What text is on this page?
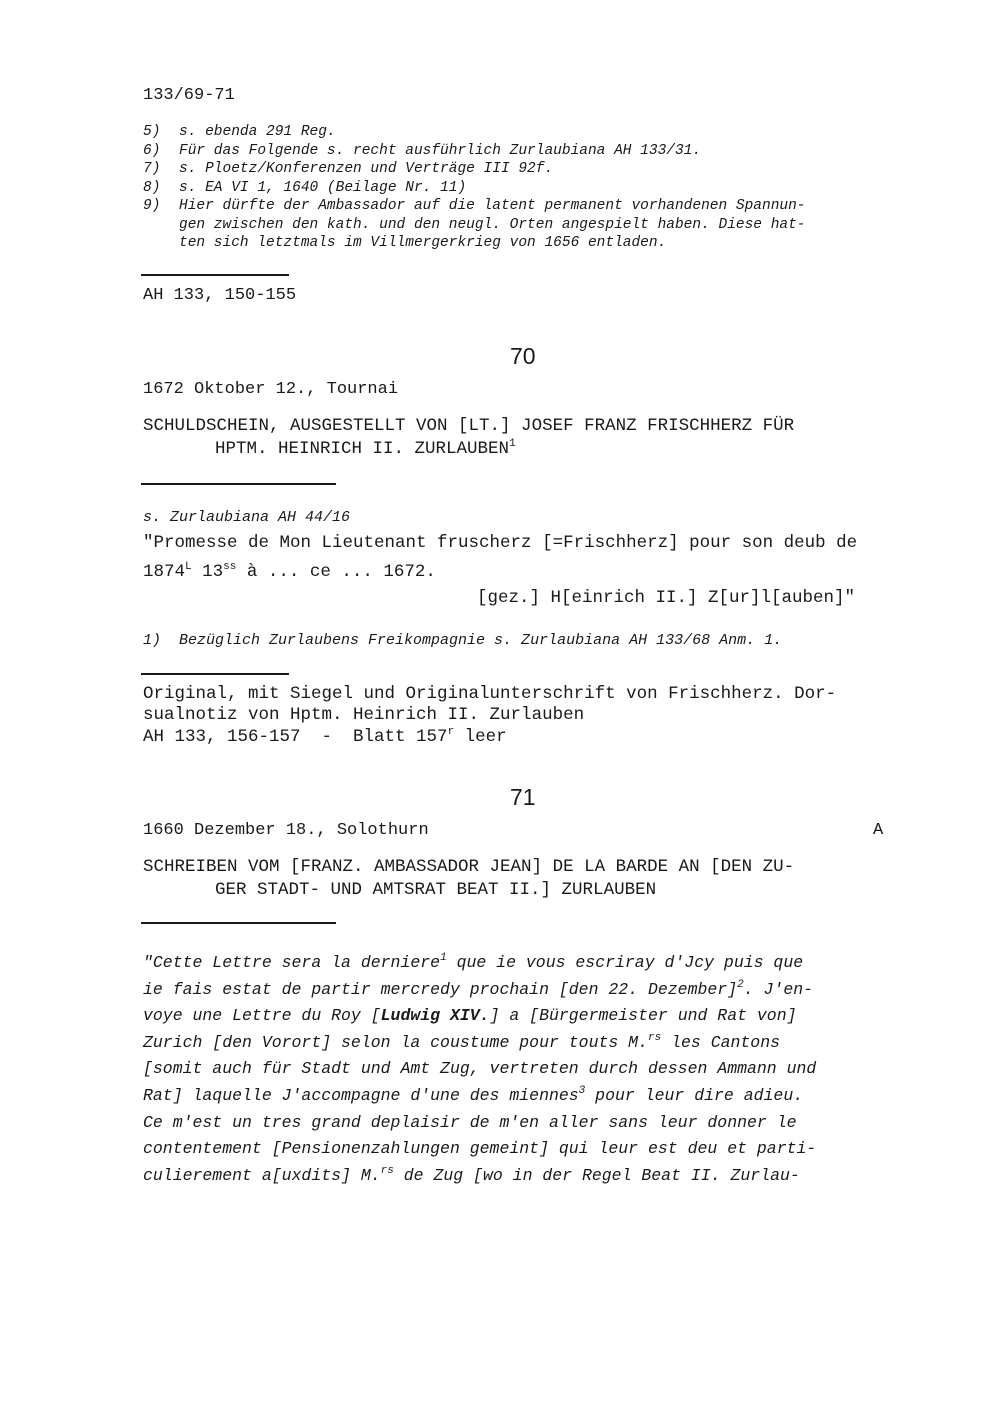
133/69-71
5)	s. ebenda 291 Reg.
6)	Für das Folgende s. recht ausführlich Zurlaubiana AH 133/31.
7)	s. Ploetz/Konferenzen und Verträge III 92f.
8)	s. EA VI 1, 1640 (Beilage Nr. 11)
9)	Hier dürfte der Ambassador auf die latent permanent vorhandenen Spannun-
gen zwischen den kath. und den neugl. Orten angespielt haben. Diese hat-
ten sich letztmals im Villmergerkrieg von 1656 entladen.
AH 133, 150-155
70
1672 Oktober 12., Tournai
SCHULDSCHEIN, AUSGESTELLT VON [LT.] JOSEF FRANZ FRISCHHERZ FÜR
HPTM. HEINRICH II. ZURLAUBEN$^1$
s. Zurlaubiana AH 44/16
"Promesse de Mon Lieutenant fruscherz [=Frischherz] pour son deub de
$1874^L$ $13^{ss}$ à ... ce ... 1672.
[gez.] H[einrich II.] Z[ur]l[auben]"
1)  Bezüglich Zurlaubens Freikompagnie s. Zurlaubiana AH 133/68 Anm. 1.
Original, mit Siegel und Originalunterschrift von Frischherz. Dor-
sualnotiz von Hptm. Heinrich II. Zurlauben
AH 133, 156-157  -  Blatt 157$^r$ leer
71
1660 Dezember 18., Solothurn	A
SCHREIBEN VOM [FRANZ. AMBASSADOR JEAN] DE LA BARDE AN [DEN ZU-
GER STADT- UND AMTSRAT BEAT II.] ZURLAUBEN
"Cette Lettre sera la derniere$^1$ que ie vous escriray d'Jcy puis que
ie fais estat de partir mercredy prochain [den 22. Dezember]$^2$. J'en-
voye une Lettre du Roy [Ludwig XIV.] a [Bürgermeister und Rat von]
Zurich [den Vorort] selon la coustume pour touts M.$^{rs}$ les Cantons
[somit auch für Stadt und Amt Zug, vertreten durch dessen Ammann und
Rat] laquelle J'accompagne d'une des miennes$^3$ pour leur dire adieu.
Ce m'est un tres grand deplaisir de m'en aller sans leur donner le
contentement [Pensionenzahlungen gemeint] qui leur est deu et parti-
culierement a[uxdits] M.$^{rs}$ de Zug [wo in der Regel Beat II. Zurlau-
